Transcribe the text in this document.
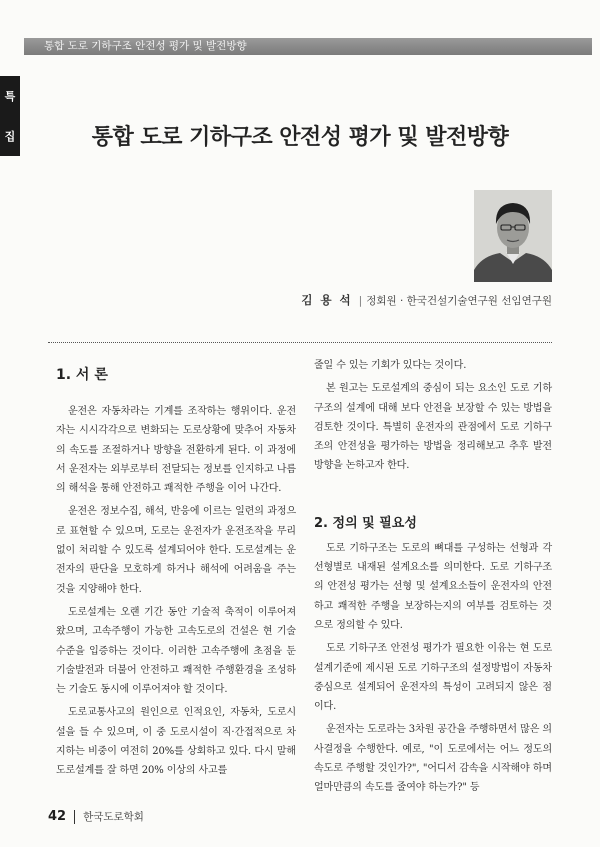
통합 도로 기하구조 안전성 평가 및 발전방향
특
집	통합 도로 기하구조 안전성 평가 및 발전방향
김 용 석 | 정회원 · 한국건설기술연구원 선임연구원
1. 서 론

운전은 자동차라는 기계를 조작하는 행위이다. 운전자는 시시각각으로 변화되는 도로상황에 맞추어 자동차의 속도를 조절하거나 방향을 전환하게 된다. 이 과정에서 운전자는 외부로부터 전달되는 정보를 인지하고 나름의 해석을 통해 안전하고 쾌적한 주행을 이어 나간다.

운전은 정보수집, 해석, 반응에 이르는 일련의 과정으로 표현할 수 있으며, 도로는 운전자가 운전조작을 무리없이 처리할 수 있도록 설계되어야 한다. 도로설계는 운전자의 판단을 모호하게 하거나 해석에 어려움을 주는 것을 지양해야 한다.

도로설계는 오랜 기간 동안 기술적 축적이 이루어져 왔으며, 고속주행이 가능한 고속도로의 건설은 현 기술수준을 입증하는 것이다. 이러한 고속주행에 초점을 둔 기술발전과 더불어 안전하고 쾌적한 주행환경을 조성하는 기술도 동시에 이루어져야 할 것이다.

도로교통사고의 원인으로 인적요인, 자동차, 도로시설을 들 수 있으며, 이 중 도로시설이 직·간접적으로 차지하는 비중이 여전히 20%를 상회하고 있다. 다시 말해 도로설계를 잘 하면 20% 이상의 사고를

줄일 수 있는 기회가 있다는 것이다.

본 원고는 도로설계의 중심이 되는 요소인 도로 기하구조의 설계에 대해 보다 안전을 보장할 수 있는 방법을 검토한 것이다. 특별히 운전자의 관점에서 도로 기하구조의 안전성을 평가하는 방법을 정리해보고 추후 발전방향을 논하고자 한다.

2. 정의 및 필요성

도로 기하구조는 도로의 뼈대를 구성하는 선형과 각 선형별로 내재된 설계요소를 의미한다. 도로 기하구조의 안전성 평가는 선형 및 설계요소들이 운전자의 안전하고 쾌적한 주행을 보장하는지의 여부를 검토하는 것으로 정의할 수 있다.

도로 기하구조 안전성 평가가 필요한 이유는 현 도로설계기준에 제시된 도로 기하구조의 설정방법이 자동차 중심으로 설계되어 운전자의 특성이 고려되지 않은 점이다.

운전자는 도로라는 3차원 공간을 주행하면서 많은 의사결정을 수행한다. 예로, "이 도로에서는 어느 정도의 속도로 주행할 것인가?", "어디서 감속을 시작해야 하며 얼마만큼의 속도를 줄여야 하는가?" 등

42 한국도로학회
